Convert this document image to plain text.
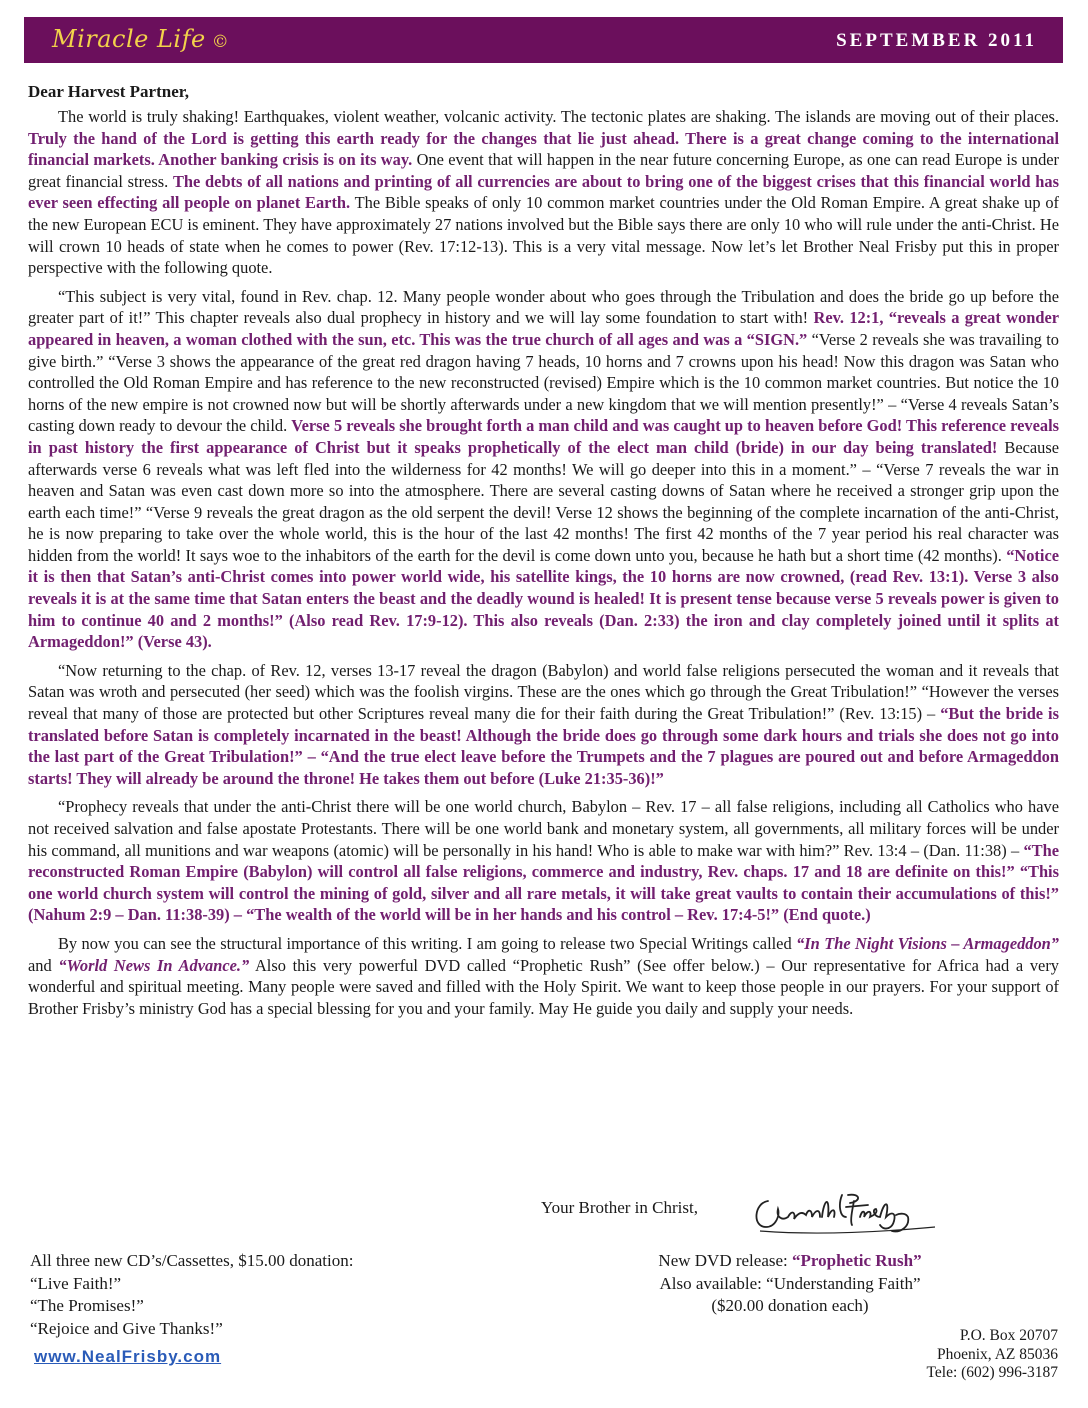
Miracle Life ©	SEPTEMBER 2011
Dear Harvest Partner,

The world is truly shaking! Earthquakes, violent weather, volcanic activity. The tectonic plates are shaking. The islands are moving out of their places. Truly the hand of the Lord is getting this earth ready for the changes that lie just ahead. There is a great change coming to the international financial markets. Another banking crisis is on its way. One event that will happen in the near future concerning Europe, as one can read Europe is under great financial stress. The debts of all nations and printing of all currencies are about to bring one of the biggest crises that this financial world has ever seen effecting all people on planet Earth. The Bible speaks of only 10 common market countries under the Old Roman Empire. A great shake up of the new European ECU is eminent. They have approximately 27 nations involved but the Bible says there are only 10 who will rule under the anti-Christ. He will crown 10 heads of state when he comes to power (Rev. 17:12-13). This is a very vital message. Now let’s let Brother Neal Frisby put this in proper perspective with the following quote.

“This subject is very vital, found in Rev. chap. 12. Many people wonder about who goes through the Tribulation and does the bride go up before the greater part of it!” This chapter reveals also dual prophecy in history and we will lay some foundation to start with! Rev. 12:1, “reveals a great wonder appeared in heaven, a woman clothed with the sun, etc. This was the true church of all ages and was a “SIGN.” “Verse 2 reveals she was travailing to give birth.” “Verse 3 shows the appearance of the great red dragon having 7 heads, 10 horns and 7 crowns upon his head! Now this dragon was Satan who controlled the Old Roman Empire and has reference to the new reconstructed (revised) Empire which is the 10 common market countries. But notice the 10 horns of the new empire is not crowned now but will be shortly afterwards under a new kingdom that we will mention presently!” – “Verse 4 reveals Satan’s casting down ready to devour the child. Verse 5 reveals she brought forth a man child and was caught up to heaven before God! This reference reveals in past history the first appearance of Christ but it speaks prophetically of the elect man child (bride) in our day being translated! Because afterwards verse 6 reveals what was left fled into the wilderness for 42 months! We will go deeper into this in a moment.” – “Verse 7 reveals the war in heaven and Satan was even cast down more so into the atmosphere. There are several casting downs of Satan where he received a stronger grip upon the earth each time!” “Verse 9 reveals the great dragon as the old serpent the devil! Verse 12 shows the beginning of the complete incarnation of the anti-Christ, he is now preparing to take over the whole world, this is the hour of the last 42 months! The first 42 months of the 7 year period his real character was hidden from the world! It says woe to the inhabitors of the earth for the devil is come down unto you, because he hath but a short time (42 months). “Notice it is then that Satan’s anti-Christ comes into power world wide, his satellite kings, the 10 horns are now crowned, (read Rev. 13:1). Verse 3 also reveals it is at the same time that Satan enters the beast and the deadly wound is healed! It is present tense because verse 5 reveals power is given to him to continue 40 and 2 months!” (Also read Rev. 17:9-12). This also reveals (Dan. 2:33) the iron and clay completely joined until it splits at Armageddon!” (Verse 43).

“Now returning to the chap. of Rev. 12, verses 13-17 reveal the dragon (Babylon) and world false religions persecuted the woman and it reveals that Satan was wroth and persecuted (her seed) which was the foolish virgins. These are the ones which go through the Great Tribulation!” “However the verses reveal that many of those are protected but other Scriptures reveal many die for their faith during the Great Tribulation!” (Rev. 13:15) – “But the bride is translated before Satan is completely incarnated in the beast! Although the bride does go through some dark hours and trials she does not go into the last part of the Great Tribulation!” – “And the true elect leave before the Trumpets and the 7 plagues are poured out and before Armageddon starts! They will already be around the throne! He takes them out before (Luke 21:35-36)!”

“Prophecy reveals that under the anti-Christ there will be one world church, Babylon – Rev. 17 – all false religions, including all Catholics who have not received salvation and false apostate Protestants. There will be one world bank and monetary system, all governments, all military forces will be under his command, all munitions and war weapons (atomic) will be personally in his hand! Who is able to make war with him?” Rev. 13:4 – (Dan. 11:38) – “The reconstructed Roman Empire (Babylon) will control all false religions, commerce and industry, Rev. chaps. 17 and 18 are definite on this!” “This one world church system will control the mining of gold, silver and all rare metals, it will take great vaults to contain their accumulations of this!” (Nahum 2:9 – Dan. 11:38-39) – “The wealth of the world will be in her hands and his control – Rev. 17:4-5!” (End quote.)

By now you can see the structural importance of this writing. I am going to release two Special Writings called “In The Night Visions – Armageddon” and “World News In Advance.” Also this very powerful DVD called “Prophetic Rush” (See offer below.) – Our representative for Africa had a very wonderful and spiritual meeting. Many people were saved and filled with the Holy Spirit. We want to keep those people in our prayers. For your support of Brother Frisby’s ministry God has a special blessing for you and your family. May He guide you daily and supply your needs.

Your Brother in Christ,
All three new CD’s/Cassettes, $15.00 donation:
“Live Faith!”
“The Promises!”
“Rejoice and Give Thanks!”
New DVD release: “Prophetic Rush”
Also available: “Understanding Faith”
($20.00 donation each)
www.NealFrisby.com
P.O. Box 20707
Phoenix, AZ 85036
Tele: (602) 996-3187
